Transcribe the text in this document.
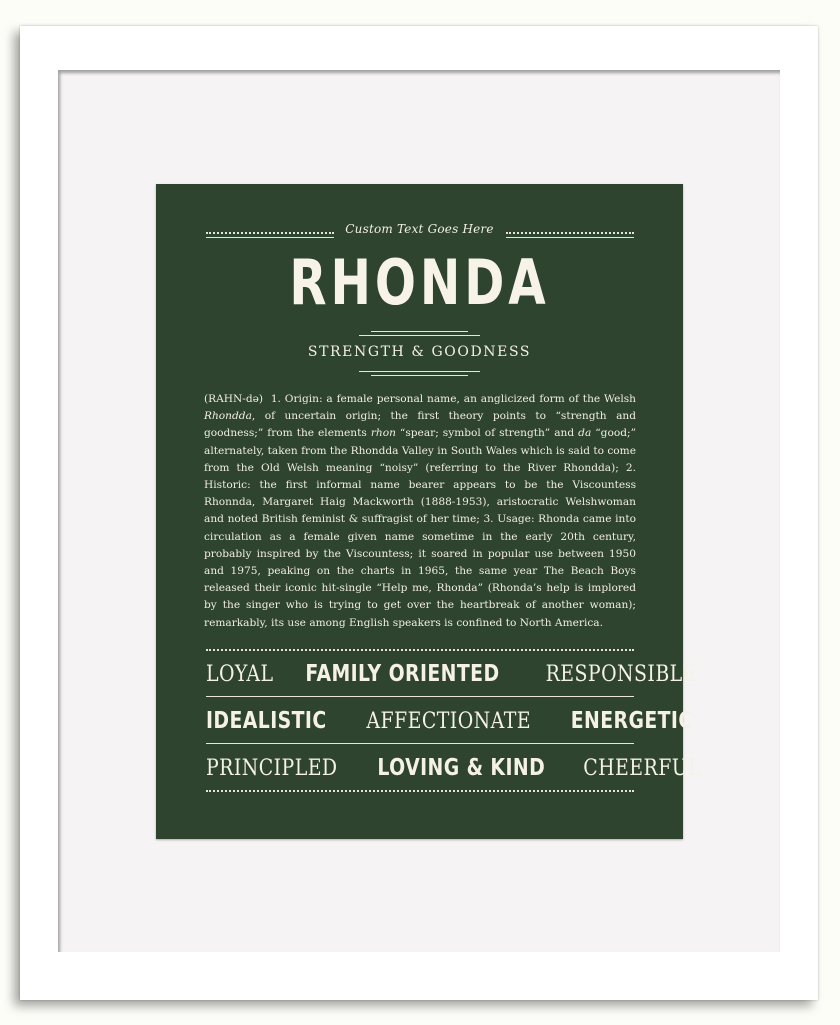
Custom Text Goes Here
RHONDA
STRENGTH & GOODNESS
(RAHN-də) 1. Origin: a female personal name, an anglicized form of the Welsh Rhondda, of uncertain origin; the first theory points to “strength and goodness;” from the elements rhon “spear; symbol of strength” and da “good;” alternately, taken from the Rhondda Valley in South Wales which is said to come from the Old Welsh meaning “noisy” (referring to the River Rhondda); 2. Historic: the first informal name bearer appears to be the Viscountess Rhonnda, Margaret Haig Mackworth (1888-1953), aristocratic Welshwoman and noted British feminist & suffragist of her time; 3. Usage: Rhonda came into circulation as a female given name sometime in the early 20th century, probably inspired by the Viscountess; it soared in popular use between 1950 and 1975, peaking on the charts in 1965, the same year The Beach Boys released their iconic hit-single “Help me, Rhonda” (Rhonda’s help is implored by the singer who is trying to get over the heartbreak of another woman); remarkably, its use among English speakers is confined to North America.
LOYAL FAMILY ORIENTED RESPONSIBLE
IDEALISTIC AFFECTIONATE ENERGETIC
PRINCIPLED LOVING & KIND CHEERFUL
